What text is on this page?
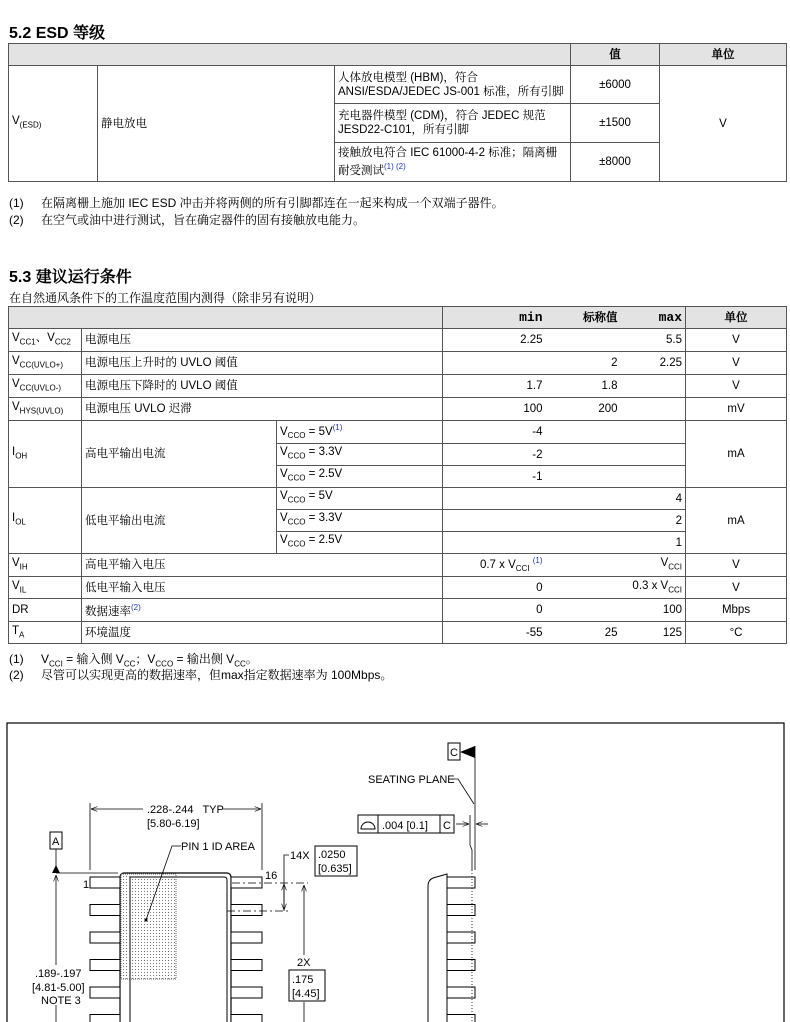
5.2 ESD 等级
			值	单位
$V_{(ESD)}$	静电放电	人体放电模型 (HBM)，符合 ANSI/ESDA/JEDEC JS-001 标准，所有引脚	±6000	V
		充电器件模型 (CDM)，符合 JEDEC 规范 JESD22-C101，所有引脚	±1500	
		接触放电符合 IEC 61000-4-2 标准；隔离栅耐受测试$^{(1) (2)}$	±8000	
(1) 在隔离栅上施加 IEC ESD 冲击并将两侧的所有引脚都连在一起来构成一个双端子器件。
(2) 在空气或油中进行测试，旨在确定器件的固有接触放电能力。
5.3 建议运行条件
在自然通风条件下的工作温度范围内测得（除非另有说明）
			min	标称值	max	单位
$V_{CC1}$、$V_{CC2}$	电源电压		2.25		5.5	V
$V_{CC(UVLO+)}$	电源电压上升时的 UVLO 阈值			2	2.25	V
$V_{CC(UVLO-)}$	电源电压下降时的 UVLO 阈值		1.7	1.8		V
$V_{HYS(UVLO)}$	电源电压 UVLO 迟滞		100	200		mV
$I_{OH}$	高电平输出电流	$V_{CCO} = 5V^{(1)}$	-4			mA
		$V_{CCO} = 3.3V$	-2			
		$V_{CCO} = 2.5V$	-1			
$I_{OL}$	低电平输出电流	$V_{CCO} = 5V$			4	mA
		$V_{CCO} = 3.3V$			2	
		$V_{CCO} = 2.5V$			1	
$V_{IH}$	高电平输入电压		0.7 x $V_{CCI}$ $^{(1)}$		$V_{CCI}$	V
$V_{IL}$	低电平输入电压		0		0.3 x $V_{CCI}$	V
DR	数据速率$^{(2)}$		0		100	Mbps
$T_A$	环境温度		-55	25	125	°C
(1) $V_{CCI}$ = 输入侧 $V_{CC}$；$V_{CCO}$ = 输出侧 $V_{CC}$。
(2) 尽管可以实现更高的数据速率，但max指定数据速率为 100Mbps。
.228-.244   TYP
[5.80-6.19]
1
16
PIN 1 ID AREA
A
.189-.197
[4.81-5.00]
NOTE 3
14X .0250
[0.635]
2X
.175
[4.45]
C
SEATING PLANE
.004 [0.1] C
